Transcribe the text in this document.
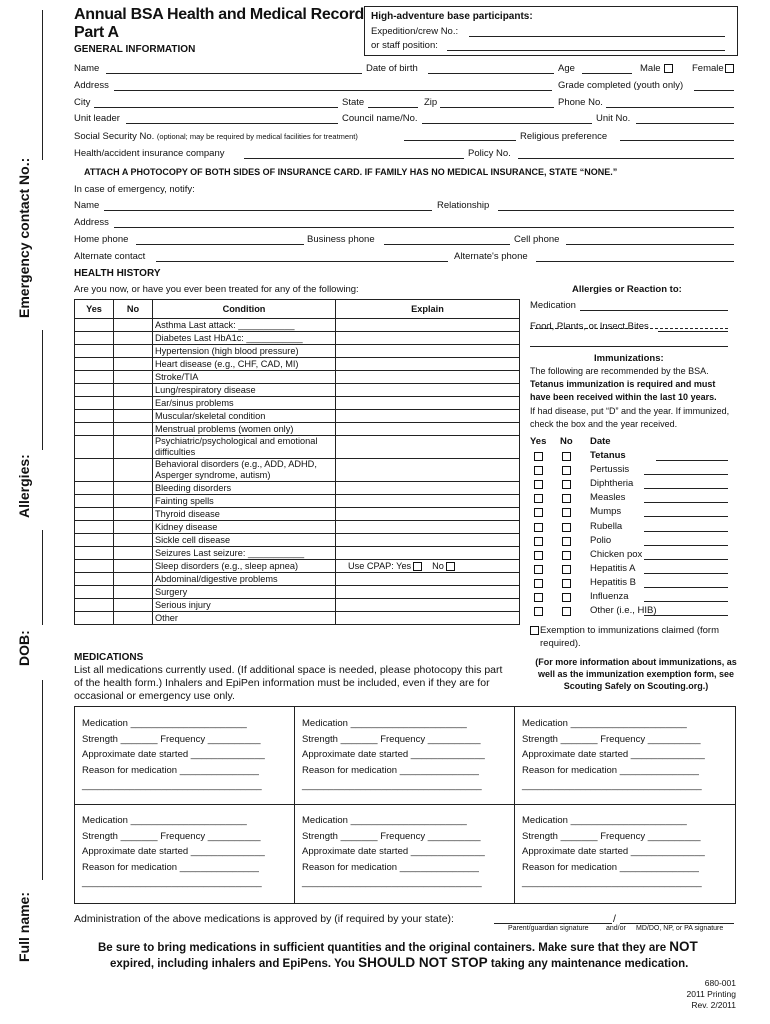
Emergency contact No.:
Allergies:
DOB:
Full name:
Annual BSA Health and Medical Record
Part A
GENERAL INFORMATION
High-adventure base participants:
Expedition/crew No.:
or staff position:
Name	Date of birth	Age	Male	Female
Address	Grade completed (youth only)
City	State	Zip	Phone No.
Unit leader	Council name/No.	Unit No.
Social Security No. (optional; may be required by medical facilities for treatment)	Religious preference
Health/accident insurance company	Policy No.
ATTACH A PHOTOCOPY OF BOTH SIDES OF INSURANCE CARD. IF FAMILY HAS NO MEDICAL INSURANCE, STATE “NONE.”
In case of emergency, notify:
Name	Relationship
Address
Home phone	Business phone	Cell phone
Alternate contact	Alternate's phone
HEALTH HISTORY
Are you now, or have you ever been treated for any of the following:
Yes	No	Condition	Explain
		Asthma Last attack: ___________	
		Diabetes Last HbA1c: ___________	
		Hypertension (high blood pressure)	
		Heart disease (e.g., CHF, CAD, MI)	
		Stroke/TIA	
		Lung/respiratory disease	
		Ear/sinus problems	
		Muscular/skeletal condition	
		Menstrual problems (women only)	
		Psychiatric/psychological and emotional difficulties	
		Behavioral disorders (e.g., ADD, ADHD, Asperger syndrome, autism)	
		Bleeding disorders	
		Fainting spells	
		Thyroid disease	
		Kidney disease	
		Sickle cell disease	
		Seizures Last seizure: ___________	
		Sleep disorders (e.g., sleep apnea)	Use CPAP: Yes No
		Abdominal/digestive problems	
		Surgery	
		Serious injury	
		Other	
Allergies or Reaction to:
Medication
Food, Plants, or Insect Bites
Immunizations:
The following are recommended by the BSA.
Tetanus immunization is required and must
have been received within the last 10 years.
If had disease, put “D” and the year. If immunized, check the box and the year received.
Yes No Date
Tetanus
Pertussis
Diphtheria
Measles
Mumps
Rubella
Polio
Chicken pox
Hepatitis A
Hepatitis B
Influenza
Other (i.e., HIB)
Exemption to immunizations claimed (form required).
(For more information about immunizations, as well as the immunization exemption form, see Scouting Safely on Scouting.org.)
MEDICATIONS
List all medications currently used. (If additional space is needed, please photocopy this part of the health form.) Inhalers and EpiPen information must be included, even if they are for occasional or emergency use only.
Medication ______________________
Strength _______ Frequency __________
Approximate date started ______________
Reason for medication _______________
__________________________________
Medication ______________________
Strength _______ Frequency __________
Approximate date started ______________
Reason for medication _______________
__________________________________
Medication ______________________
Strength _______ Frequency __________
Approximate date started ______________
Reason for medication _______________
__________________________________
Medication ______________________
Strength _______ Frequency __________
Approximate date started ______________
Reason for medication _______________
__________________________________
Medication ______________________
Strength _______ Frequency __________
Approximate date started ______________
Reason for medication _______________
__________________________________
Medication ______________________
Strength _______ Frequency __________
Approximate date started ______________
Reason for medication _______________
__________________________________
Administration of the above medications is approved by (if required by your state):	/
Parent/guardian signature and/or MD/DO, NP, or PA signature
Be sure to bring medications in sufficient quantities and the original containers. Make sure that they are NOT
expired, including inhalers and EpiPens. You SHOULD NOT STOP taking any maintenance medication.
680-001
2011 Printing
Rev. 2/2011
